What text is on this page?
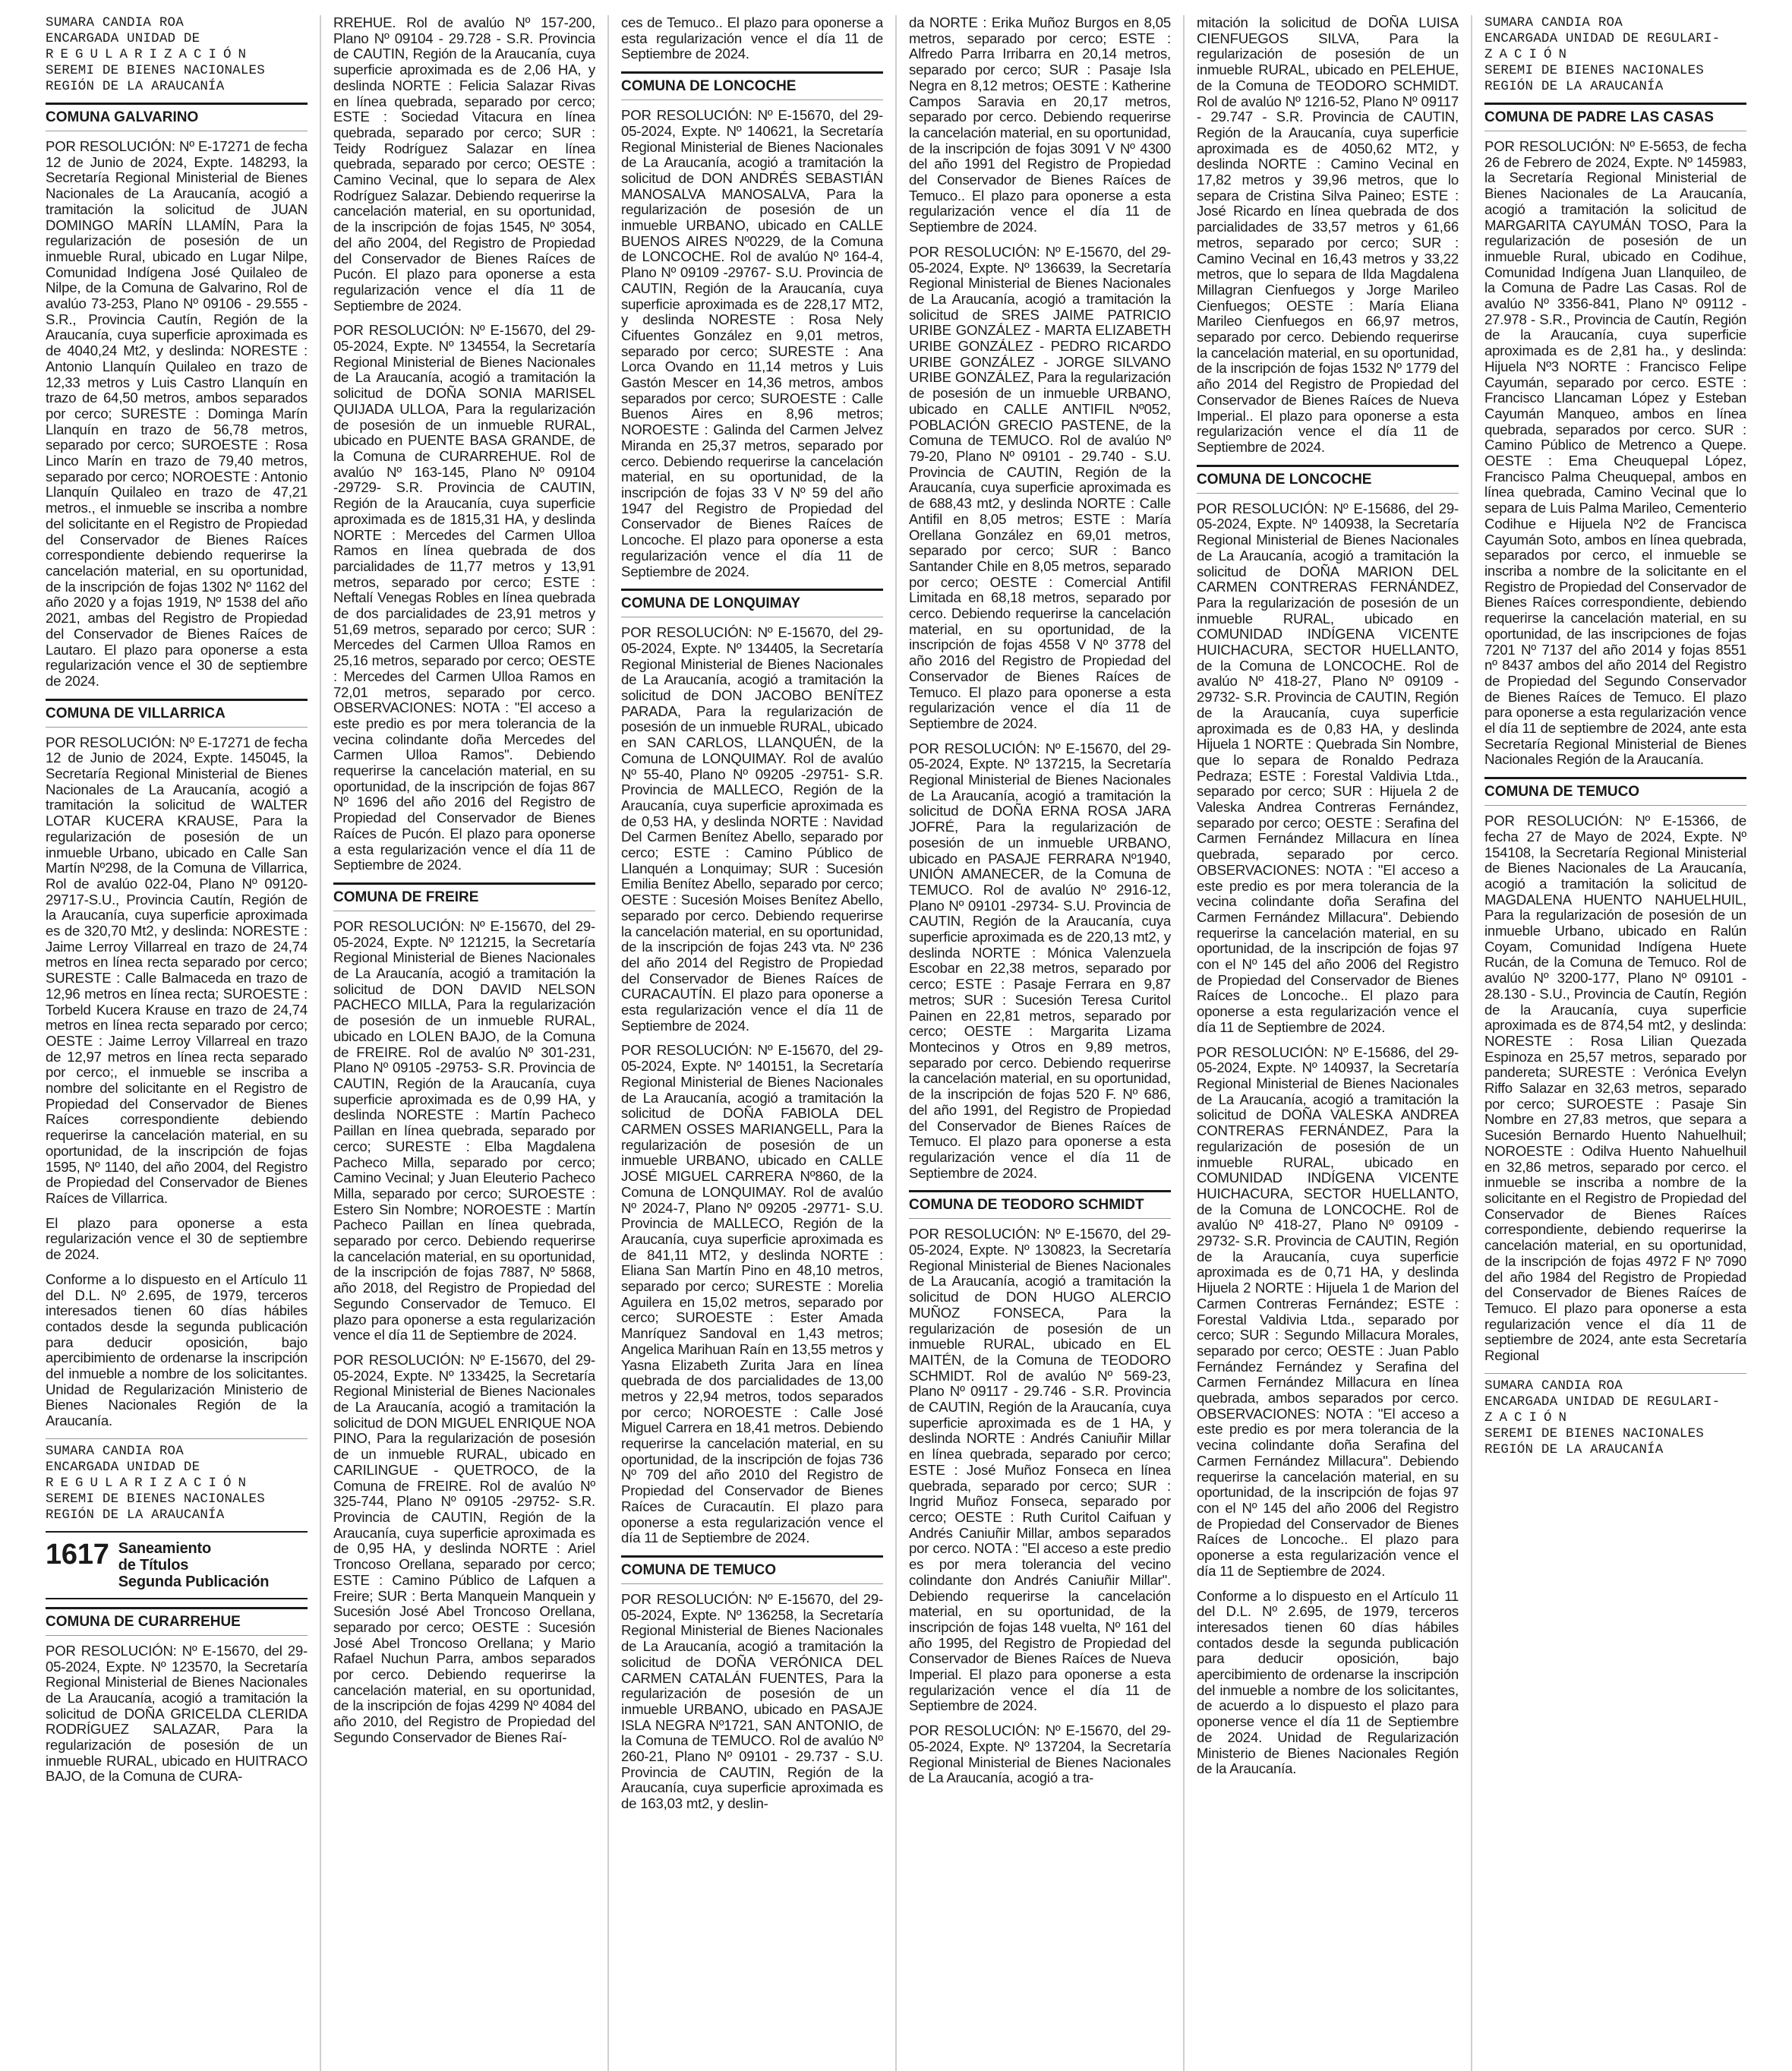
SUMARA CANDIA ROA
ENCARGADA UNIDAD DE
REGULARIZACIÓN
SEREMI DE BIENES NACIONALES
REGIÓN DE LA ARAUCANÍA
COMUNA GALVARINO

POR RESOLUCIÓN: Nº E-17271 de fecha 12 de Junio de 2024, Expte. 148293, la Secretaría Regional Ministerial de Bienes Nacionales de La Araucanía, acogió a tramitación la solicitud de JUAN DOMINGO MARÍN LLAMÍN, Para la regularización de posesión de un inmueble Rural, ubicado en Lugar Nilpe, Comunidad Indígena José Quilaleo de Nilpe, de la Comuna de Galvarino, Rol de avalúo 73-253, Plano Nº 09106 - 29.555 - S.R., Provincia Cautín, Región de la Araucanía, cuya superficie aproximada es de 4040,24 Mt2, y deslinda: NORESTE : Antonio Llanquín Quilaleo en trazo de 12,33 metros y Luis Castro Llanquín en trazo de 64,50 metros, ambos separados por cerco; SURESTE : Dominga Marín Llanquín en trazo de 56,78 metros, separado por cerco; SUROESTE : Rosa Linco Marín en trazo de 79,40 metros, separado por cerco; NOROESTE : Antonio Llanquín Quilaleo en trazo de 47,21 metros., el inmueble se inscriba a nombre del solicitante en el Registro de Propiedad del Conservador de Bienes Raíces correspondiente debiendo requerirse la cancelación material, en su oportunidad, de la inscripción de fojas 1302 Nº 1162 del año 2020 y a fojas 1919, Nº 1538 del año 2021, ambas del Registro de Propiedad del Conservador de Bienes Raíces de Lautaro. El plazo para oponerse a esta regularización vence el 30 de septiembre de 2024.

COMUNA DE VILLARRICA

POR RESOLUCIÓN: Nº E-17271 de fecha 12 de Junio de 2024, Expte. 145045, la Secretaría Regional Ministerial de Bienes Nacionales de La Araucanía, acogió a tramitación la solicitud de WALTER LOTAR KUCERA KRAUSE, Para la regularización de posesión de un inmueble Urbano, ubicado en Calle San Martín Nº298, de la Comuna de Villarrica, Rol de avalúo 022-04, Plano Nº 09120-29717-S.U., Provincia Cautín, Región de la Araucanía, cuya superficie aproximada es de 320,70 Mt2, y deslinda: NORESTE : Jaime Lerroy Villarreal en trazo de 24,74 metros en línea recta separado por cerco; SURESTE : Calle Balmaceda en trazo de 12,96 metros en línea recta; SUROESTE : Torbeld Kucera Krause en trazo de 24,74 metros en línea recta separado por cerco; OESTE : Jaime Lerroy Villarreal en trazo de 12,97 metros en línea recta separado por cerco;, el inmueble se inscriba a nombre del solicitante en el Registro de Propiedad del Conservador de Bienes Raíces correspondiente debiendo requerirse la cancelación material, en su oportunidad, de la inscripción de fojas 1595, Nº 1140, del año 2004, del Registro de Propiedad del Conservador de Bienes Raíces de Villarrica.

El plazo para oponerse a esta regularización vence el 30 de septiembre de 2024.

Conforme a lo dispuesto en el Artículo 11 del D.L. Nº 2.695, de 1979, terceros interesados tienen 60 días hábiles contados desde la segunda publicación para deducir oposición, bajo apercibimiento de ordenarse la inscripción del inmueble a nombre de los solicitantes. Unidad de Regularización Ministerio de Bienes Nacionales Región de la Araucanía.

SUMARA CANDIA ROA
ENCARGADA UNIDAD DE
REGULARIZACIÓN
SEREMI DE BIENES NACIONALES
REGIÓN DE LA ARAUCANÍA
1617 Saneamiento
de Títulos
Segunda Publicación
COMUNA DE CURARREHUE

POR RESOLUCIÓN: Nº E-15670, del 29-05-2024, Expte. Nº 123570, la Secretaría Regional Ministerial de Bienes Nacionales de La Araucanía, acogió a tramitación la solicitud de DOÑA GRICELDA CLERIDA RODRÍGUEZ SALAZAR, Para la regularización de posesión de un inmueble RURAL, ubicado en HUITRACO BAJO, de la Comuna de CURA-

RREHUE. Rol de avalúo Nº 157-200, Plano Nº 09104 - 29.728 - S.R. Provincia de CAUTIN, Región de la Araucanía, cuya superficie aproximada es de 2,06 HA, y deslinda NORTE : Felicia Salazar Rivas en línea quebrada, separado por cerco; ESTE : Sociedad Vitacura en línea quebrada, separado por cerco; SUR : Teidy Rodríguez Salazar en línea quebrada, separado por cerco; OESTE : Camino Vecinal, que lo separa de Alex Rodríguez Salazar. Debiendo requerirse la cancelación material, en su oportunidad, de la inscripción de fojas 1545, Nº 3054, del año 2004, del Registro de Propiedad del Conservador de Bienes Raíces de Pucón. El plazo para oponerse a esta regularización vence el día 11 de Septiembre de 2024.

POR RESOLUCIÓN: Nº E-15670, del 29-05-2024, Expte. Nº 134554, la Secretaría Regional Ministerial de Bienes Nacionales de La Araucanía, acogió a tramitación la solicitud de DOÑA SONIA MARISEL QUIJADA ULLOA, Para la regularización de posesión de un inmueble RURAL, ubicado en PUENTE BASA GRANDE, de la Comuna de CURARREHUE. Rol de avalúo Nº 163-145, Plano Nº 09104 -29729- S.R. Provincia de CAUTIN, Región de la Araucanía, cuya superficie aproximada es de 1815,31 HA, y deslinda NORTE : Mercedes del Carmen Ulloa Ramos en línea quebrada de dos parcialidades de 11,77 metros y 13,91 metros, separado por cerco; ESTE : Neftalí Venegas Robles en línea quebrada de dos parcialidades de 23,91 metros y 51,69 metros, separado por cerco; SUR : Mercedes del Carmen Ulloa Ramos en 25,16 metros, separado por cerco; OESTE : Mercedes del Carmen Ulloa Ramos en 72,01 metros, separado por cerco. OBSERVACIONES: NOTA : "El acceso a este predio es por mera tolerancia de la vecina colindante doña Mercedes del Carmen Ulloa Ramos". Debiendo requerirse la cancelación material, en su oportunidad, de la inscripción de fojas 867 Nº 1696 del año 2016 del Registro de Propiedad del Conservador de Bienes Raíces de Pucón. El plazo para oponerse a esta regularización vence el día 11 de Septiembre de 2024.

COMUNA DE FREIRE

POR RESOLUCIÓN: Nº E-15670, del 29-05-2024, Expte. Nº 121215, la Secretaría Regional Ministerial de Bienes Nacionales de La Araucanía, acogió a tramitación la solicitud de DON DAVID NELSON PACHECO MILLA, Para la regularización de posesión de un inmueble RURAL, ubicado en LOLEN BAJO, de la Comuna de FREIRE. Rol de avalúo Nº 301-231, Plano Nº 09105 -29753- S.R. Provincia de CAUTIN, Región de la Araucanía, cuya superficie aproximada es de 0,99 HA, y deslinda NORESTE : Martín Pacheco Paillan en línea quebrada, separado por cerco; SURESTE : Elba Magdalena Pacheco Milla, separado por cerco; Camino Vecinal; y Juan Eleuterio Pacheco Milla, separado por cerco; SUROESTE : Estero Sin Nombre; NOROESTE : Martín Pacheco Paillan en línea quebrada, separado por cerco. Debiendo requerirse la cancelación material, en su oportunidad, de la inscripción de fojas 7887, Nº 5868, año 2018, del Registro de Propiedad del Segundo Conservador de Temuco. El plazo para oponerse a esta regularización vence el día 11 de Septiembre de 2024.

POR RESOLUCIÓN: Nº E-15670, del 29-05-2024, Expte. Nº 133425, la Secretaría Regional Ministerial de Bienes Nacionales de La Araucanía, acogió a tramitación la solicitud de DON MIGUEL ENRIQUE NOA PINO, Para la regularización de posesión de un inmueble RURAL, ubicado en CARILINGUE - QUETROCO, de la Comuna de FREIRE. Rol de avalúo Nº 325-744, Plano Nº 09105 -29752- S.R. Provincia de CAUTIN, Región de la Araucanía, cuya superficie aproximada es de 0,95 HA, y deslinda NORTE : Ariel Troncoso Orellana, separado por cerco; ESTE : Camino Público de Lafquen a Freire; SUR : Berta Manquein Manquein y Sucesión José Abel Troncoso Orellana, separado por cerco; OESTE : Sucesión José Abel Troncoso Orellana; y Mario Rafael Nuchun Parra, ambos separados por cerco. Debiendo requerirse la cancelación material, en su oportunidad, de la inscripción de fojas 4299 Nº 4084 del año 2010, del Registro de Propiedad del Segundo Conservador de Bienes Raí-

ces de Temuco.. El plazo para oponerse a esta regularización vence el día 11 de Septiembre de 2024.

COMUNA DE LONCOCHE

POR RESOLUCIÓN: Nº E-15670, del 29-05-2024, Expte. Nº 140621, la Secretaría Regional Ministerial de Bienes Nacionales de La Araucanía, acogió a tramitación la solicitud de DON ANDRÉS SEBASTIÁN MANOSALVA MANOSALVA, Para la regularización de posesión de un inmueble URBANO, ubicado en CALLE BUENOS AIRES Nº0229, de la Comuna de LONCOCHE. Rol de avalúo Nº 164-4, Plano Nº 09109 -29767- S.U. Provincia de CAUTIN, Región de la Araucanía, cuya superficie aproximada es de 228,17 MT2, y deslinda NORESTE : Rosa Nely Cifuentes González en 9,01 metros, separado por cerco; SURESTE : Ana Lorca Ovando en 11,14 metros y Luis Gastón Mescer en 14,36 metros, ambos separados por cerco; SUROESTE : Calle Buenos Aires en 8,96 metros; NOROESTE : Galinda del Carmen Jelvez Miranda en 25,37 metros, separado por cerco. Debiendo requerirse la cancelación material, en su oportunidad, de la inscripción de fojas 33 V Nº 59 del año 1947 del Registro de Propiedad del Conservador de Bienes Raíces de Loncoche. El plazo para oponerse a esta regularización vence el día 11 de Septiembre de 2024.

COMUNA DE LONQUIMAY

POR RESOLUCIÓN: Nº E-15670, del 29-05-2024, Expte. Nº 134405, la Secretaría Regional Ministerial de Bienes Nacionales de La Araucanía, acogió a tramitación la solicitud de DON JACOBO BENÍTEZ PARADA, Para la regularización de posesión de un inmueble RURAL, ubicado en SAN CARLOS, LLANQUÉN, de la Comuna de LONQUIMAY. Rol de avalúo Nº 55-40, Plano Nº 09205 -29751- S.R. Provincia de MALLECO, Región de la Araucanía, cuya superficie aproximada es de 0,53 HA, y deslinda NORTE : Navidad Del Carmen Benítez Abello, separado por cerco; ESTE : Camino Público de Llanquén a Lonquimay; SUR : Sucesión Emilia Benítez Abello, separado por cerco; OESTE : Sucesión Moises Benítez Abello, separado por cerco. Debiendo requerirse la cancelación material, en su oportunidad, de la inscripción de fojas 243 vta. Nº 236 del año 2014 del Registro de Propiedad del Conservador de Bienes Raíces de CURACAUTÍN. El plazo para oponerse a esta regularización vence el día 11 de Septiembre de 2024.

POR RESOLUCIÓN: Nº E-15670, del 29-05-2024, Expte. Nº 140151, la Secretaría Regional Ministerial de Bienes Nacionales de La Araucanía, acogió a tramitación la solicitud de DOÑA FABIOLA DEL CARMEN OSSES MARIANGELL, Para la regularización de posesión de un inmueble URBANO, ubicado en CALLE JOSÉ MIGUEL CARRERA Nº860, de la Comuna de LONQUIMAY. Rol de avalúo Nº 2024-7, Plano Nº 09205 -29771- S.U. Provincia de MALLECO, Región de la Araucanía, cuya superficie aproximada es de 841,11 MT2, y deslinda NORTE : Eliana San Martín Pino en 48,10 metros, separado por cerco; SURESTE : Morelia Aguilera en 15,02 metros, separado por cerco; SUROESTE : Ester Amada Manríquez Sandoval en 1,43 metros; Angelica Marihuan Raín en 13,55 metros y Yasna Elizabeth Zurita Jara en línea quebrada de dos parcialidades de 13,00 metros y 22,94 metros, todos separados por cerco; NOROESTE : Calle José Miguel Carrera en 18,41 metros. Debiendo requerirse la cancelación material, en su oportunidad, de la inscripción de fojas 736 Nº 709 del año 2010 del Registro de Propiedad del Conservador de Bienes Raíces de Curacautín. El plazo para oponerse a esta regularización vence el día 11 de Septiembre de 2024.

COMUNA DE TEMUCO

POR RESOLUCIÓN: Nº E-15670, del 29-05-2024, Expte. Nº 136258, la Secretaría Regional Ministerial de Bienes Nacionales de La Araucanía, acogió a tramitación la solicitud de DOÑA VERÓNICA DEL CARMEN CATALÁN FUENTES, Para la regularización de posesión de un inmueble URBANO, ubicado en PASAJE ISLA NEGRA Nº1721, SAN ANTONIO, de la Comuna de TEMUCO. Rol de avalúo Nº 260-21, Plano Nº 09101 - 29.737 - S.U. Provincia de CAUTIN, Región de la Araucanía, cuya superficie aproximada es de 163,03 mt2, y deslin-

da NORTE : Erika Muñoz Burgos en 8,05 metros, separado por cerco; ESTE : Alfredo Parra Irribarra en 20,14 metros, separado por cerco; SUR : Pasaje Isla Negra en 8,12 metros; OESTE : Katherine Campos Saravia en 20,17 metros, separado por cerco. Debiendo requerirse la cancelación material, en su oportunidad, de la inscripción de fojas 3091 V Nº 4300 del año 1991 del Registro de Propiedad del Conservador de Bienes Raíces de Temuco.. El plazo para oponerse a esta regularización vence el día 11 de Septiembre de 2024.

POR RESOLUCIÓN: Nº E-15670, del 29-05-2024, Expte. Nº 136639, la Secretaría Regional Ministerial de Bienes Nacionales de La Araucanía, acogió a tramitación la solicitud de SRES JAIME PATRICIO URIBE GONZÁLEZ - MARTA ELIZABETH URIBE GONZÁLEZ - PEDRO RICARDO URIBE GONZÁLEZ - JORGE SILVANO URIBE GONZÁLEZ, Para la regularización de posesión de un inmueble URBANO, ubicado en CALLE ANTIFIL Nº052, POBLACIÓN GRECIO PASTENE, de la Comuna de TEMUCO. Rol de avalúo Nº 79-20, Plano Nº 09101 - 29.740 - S.U. Provincia de CAUTIN, Región de la Araucanía, cuya superficie aproximada es de 688,43 mt2, y deslinda NORTE : Calle Antifil en 8,05 metros; ESTE : María Orellana González en 69,01 metros, separado por cerco; SUR : Banco Santander Chile en 8,05 metros, separado por cerco; OESTE : Comercial Antifil Limitada en 68,18 metros, separado por cerco. Debiendo requerirse la cancelación material, en su oportunidad, de la inscripción de fojas 4558 V Nº 3778 del año 2016 del Registro de Propiedad del Conservador de Bienes Raíces de Temuco. El plazo para oponerse a esta regularización vence el día 11 de Septiembre de 2024.

POR RESOLUCIÓN: Nº E-15670, del 29-05-2024, Expte. Nº 137215, la Secretaría Regional Ministerial de Bienes Nacionales de La Araucanía, acogió a tramitación la solicitud de DOÑA ERNA ROSA JARA JOFRÉ, Para la regularización de posesión de un inmueble URBANO, ubicado en PASAJE FERRARA Nº1940, UNIÓN AMANECER, de la Comuna de TEMUCO. Rol de avalúo Nº 2916-12, Plano Nº 09101 -29734- S.U. Provincia de CAUTIN, Región de la Araucanía, cuya superficie aproximada es de 220,13 mt2, y deslinda NORTE : Mónica Valenzuela Escobar en 22,38 metros, separado por cerco; ESTE : Pasaje Ferrara en 9,87 metros; SUR : Sucesión Teresa Curitol Painen en 22,81 metros, separado por cerco; OESTE : Margarita Lizama Montecinos y Otros en 9,89 metros, separado por cerco. Debiendo requerirse la cancelación material, en su oportunidad, de la inscripción de fojas 520 F. Nº 686, del año 1991, del Registro de Propiedad del Conservador de Bienes Raíces de Temuco. El plazo para oponerse a esta regularización vence el día 11 de Septiembre de 2024.

COMUNA DE TEODORO SCHMIDT

POR RESOLUCIÓN: Nº E-15670, del 29-05-2024, Expte. Nº 130823, la Secretaría Regional Ministerial de Bienes Nacionales de La Araucanía, acogió a tramitación la solicitud de DON HUGO ALERCIO MUÑOZ FONSECA, Para la regularización de posesión de un inmueble RURAL, ubicado en EL MAITÉN, de la Comuna de TEODORO SCHMIDT. Rol de avalúo Nº 569-23, Plano Nº 09117 - 29.746 - S.R. Provincia de CAUTIN, Región de la Araucanía, cuya superficie aproximada es de 1 HA, y deslinda NORTE : Andrés Caniuñir Millar en línea quebrada, separado por cerco; ESTE : José Muñoz Fonseca en línea quebrada, separado por cerco; SUR : Ingrid Muñoz Fonseca, separado por cerco; OESTE : Ruth Curitol Caifuan y Andrés Caniuñir Millar, ambos separados por cerco. NOTA : "El acceso a este predio es por mera tolerancia del vecino colindante don Andrés Caniuñir Millar". Debiendo requerirse la cancelación material, en su oportunidad, de la inscripción de fojas 148 vuelta, Nº 161 del año 1995, del Registro de Propiedad del Conservador de Bienes Raíces de Nueva Imperial. El plazo para oponerse a esta regularización vence el día 11 de Septiembre de 2024.

POR RESOLUCIÓN: Nº E-15670, del 29-05-2024, Expte. Nº 137204, la Secretaría Regional Ministerial de Bienes Nacionales de La Araucanía, acogió a tra-

mitación la solicitud de DOÑA LUISA CIENFUEGOS SILVA, Para la regularización de posesión de un inmueble RURAL, ubicado en PELEHUE, de la Comuna de TEODORO SCHMIDT. Rol de avalúo Nº 1216-52, Plano Nº 09117 - 29.747 - S.R. Provincia de CAUTIN, Región de la Araucanía, cuya superficie aproximada es de 4050,62 MT2, y deslinda NORTE : Camino Vecinal en 17,82 metros y 39,96 metros, que lo separa de Cristina Silva Paineo; ESTE : José Ricardo en línea quebrada de dos parcialidades de 33,57 metros y 61,66 metros, separado por cerco; SUR : Camino Vecinal en 16,43 metros y 33,22 metros, que lo separa de Ilda Magdalena Millagran Cienfuegos y Jorge Marileo Cienfuegos; OESTE : María Eliana Marileo Cienfuegos en 66,97 metros, separado por cerco. Debiendo requerirse la cancelación material, en su oportunidad, de la inscripción de fojas 1532 Nº 1779 del año 2014 del Registro de Propiedad del Conservador de Bienes Raíces de Nueva Imperial.. El plazo para oponerse a esta regularización vence el día 11 de Septiembre de 2024.

COMUNA DE LONCOCHE

POR RESOLUCIÓN: Nº E-15686, del 29-05-2024, Expte. Nº 140938, la Secretaría Regional Ministerial de Bienes Nacionales de La Araucanía, acogió a tramitación la solicitud de DOÑA MARION DEL CARMEN CONTRERAS FERNÁNDEZ, Para la regularización de posesión de un inmueble RURAL, ubicado en COMUNIDAD INDÍGENA VICENTE HUICHACURA, SECTOR HUELLANTO, de la Comuna de LONCOCHE. Rol de avalúo Nº 418-27, Plano Nº 09109 - 29732- S.R. Provincia de CAUTIN, Región de la Araucanía, cuya superficie aproximada es de 0,83 HA, y deslinda Hijuela 1 NORTE : Quebrada Sin Nombre, que lo separa de Ronaldo Pedraza Pedraza; ESTE : Forestal Valdivia Ltda., separado por cerco; SUR : Hijuela 2 de Valeska Andrea Contreras Fernández, separado por cerco; OESTE : Serafina del Carmen Fernández Millacura en línea quebrada, separado por cerco. OBSERVACIONES: NOTA : "El acceso a este predio es por mera tolerancia de la vecina colindante doña Serafina del Carmen Fernández Millacura". Debiendo requerirse la cancelación material, en su oportunidad, de la inscripción de fojas 97 con el Nº 145 del año 2006 del Registro de Propiedad del Conservador de Bienes Raíces de Loncoche.. El plazo para oponerse a esta regularización vence el día 11 de Septiembre de 2024.

POR RESOLUCIÓN: Nº E-15686, del 29-05-2024, Expte. Nº 140937, la Secretaría Regional Ministerial de Bienes Nacionales de La Araucanía, acogió a tramitación la solicitud de DOÑA VALESKA ANDREA CONTRERAS FERNÁNDEZ, Para la regularización de posesión de un inmueble RURAL, ubicado en COMUNIDAD INDÍGENA VICENTE HUICHACURA, SECTOR HUELLANTO, de la Comuna de LONCOCHE. Rol de avalúo Nº 418-27, Plano Nº 09109 - 29732- S.R. Provincia de CAUTIN, Región de la Araucanía, cuya superficie aproximada es de 0,71 HA, y deslinda Hijuela 2 NORTE : Hijuela 1 de Marion del Carmen Contreras Fernández; ESTE : Forestal Valdivia Ltda., separado por cerco; SUR : Segundo Millacura Morales, separado por cerco; OESTE : Juan Pablo Fernández Fernández y Serafina del Carmen Fernández Millacura en línea quebrada, ambos separados por cerco. OBSERVACIONES: NOTA : "El acceso a este predio es por mera tolerancia de la vecina colindante doña Serafina del Carmen Fernández Millacura". Debiendo requerirse la cancelación material, en su oportunidad, de la inscripción de fojas 97 con el Nº 145 del año 2006 del Registro de Propiedad del Conservador de Bienes Raíces de Loncoche.. El plazo para oponerse a esta regularización vence el día 11 de Septiembre de 2024.

Conforme a lo dispuesto en el Artículo 11 del D.L. Nº 2.695, de 1979, terceros interesados tienen 60 días hábiles contados desde la segunda publicación para deducir oposición, bajo apercibimiento de ordenarse la inscripción del inmueble a nombre de los solicitantes, de acuerdo a lo dispuesto el plazo para oponerse vence el día 11 de Septiembre de 2024. Unidad de Regularización Ministerio de Bienes Nacionales Región de la Araucanía.

SUMARA CANDIA ROA
ENCARGADA UNIDAD DE REGULARI-
ZACIÓN
SEREMI DE BIENES NACIONALES
REGIÓN DE LA ARAUCANÍA
COMUNA DE PADRE LAS CASAS

POR RESOLUCIÓN: Nº E-5653, de fecha 26 de Febrero de 2024, Expte. Nº 145983, la Secretaría Regional Ministerial de Bienes Nacionales de La Araucanía, acogió a tramitación la solicitud de MARGARITA CAYUMÁN TOSO, Para la regularización de posesión de un inmueble Rural, ubicado en Codihue, Comunidad Indígena Juan Llanquileo, de la Comuna de Padre Las Casas. Rol de avalúo Nº 3356-841, Plano Nº 09112 - 27.978 - S.R., Provincia de Cautín, Región de la Araucanía, cuya superficie aproximada es de 2,81 ha., y deslinda: Hijuela Nº3 NORTE : Francisco Felipe Cayumán, separado por cerco. ESTE : Francisco Llancaman López y Esteban Cayumán Manqueo, ambos en línea quebrada, separados por cerco. SUR : Camino Público de Metrenco a Quepe. OESTE : Ema Cheuquepal López, Francisco Palma Cheuquepal, ambos en línea quebrada, Camino Vecinal que lo separa de Luis Palma Marileo, Cementerio Codihue e Hijuela Nº2 de Francisca Cayumán Soto, ambos en línea quebrada, separados por cerco, el inmueble se inscriba a nombre de la solicitante en el Registro de Propiedad del Conservador de Bienes Raíces correspondiente, debiendo requerirse la cancelación material, en su oportunidad, de las inscripciones de fojas 7201 Nº 7137 del año 2014 y fojas 8551 nº 8437 ambos del año 2014 del Registro de Propiedad del Segundo Conservador de Bienes Raíces de Temuco. El plazo para oponerse a esta regularización vence el día 11 de septiembre de 2024, ante esta Secretaría Regional Ministerial de Bienes Nacionales Región de la Araucanía.

COMUNA DE TEMUCO

POR RESOLUCIÓN: Nº E-15366, de fecha 27 de Mayo de 2024, Expte. Nº 154108, la Secretaría Regional Ministerial de Bienes Nacionales de La Araucanía, acogió a tramitación la solicitud de MAGDALENA HUENTO NAHUELHUIL, Para la regularización de posesión de un inmueble Urbano, ubicado en Ralún Coyam, Comunidad Indígena Huete Rucán, de la Comuna de Temuco. Rol de avalúo Nº 3200-177, Plano Nº 09101 - 28.130 - S.U., Provincia de Cautín, Región de la Araucanía, cuya superficie aproximada es de 874,54 mt2, y deslinda: NORESTE : Rosa Lilian Quezada Espinoza en 25,57 metros, separado por pandereta; SURESTE : Verónica Evelyn Riffo Salazar en 32,63 metros, separado por cerco; SUROESTE : Pasaje Sin Nombre en 27,83 metros, que separa a Sucesión Bernardo Huento Nahuelhuil; NOROESTE : Odilva Huento Nahuelhuil en 32,86 metros, separado por cerco. el inmueble se inscriba a nombre de la solicitante en el Registro de Propiedad del Conservador de Bienes Raíces correspondiente, debiendo requerirse la cancelación material, en su oportunidad, de la inscripción de fojas 4972 F Nº 7090 del año 1984 del Registro de Propiedad del Conservador de Bienes Raíces de Temuco. El plazo para oponerse a esta regularización vence el día 11 de septiembre de 2024, ante esta Secretaría Regional

SUMARA CANDIA ROA
ENCARGADA UNIDAD DE REGULARI-
ZACIÓN
SEREMI DE BIENES NACIONALES
REGIÓN DE LA ARAUCANÍA
